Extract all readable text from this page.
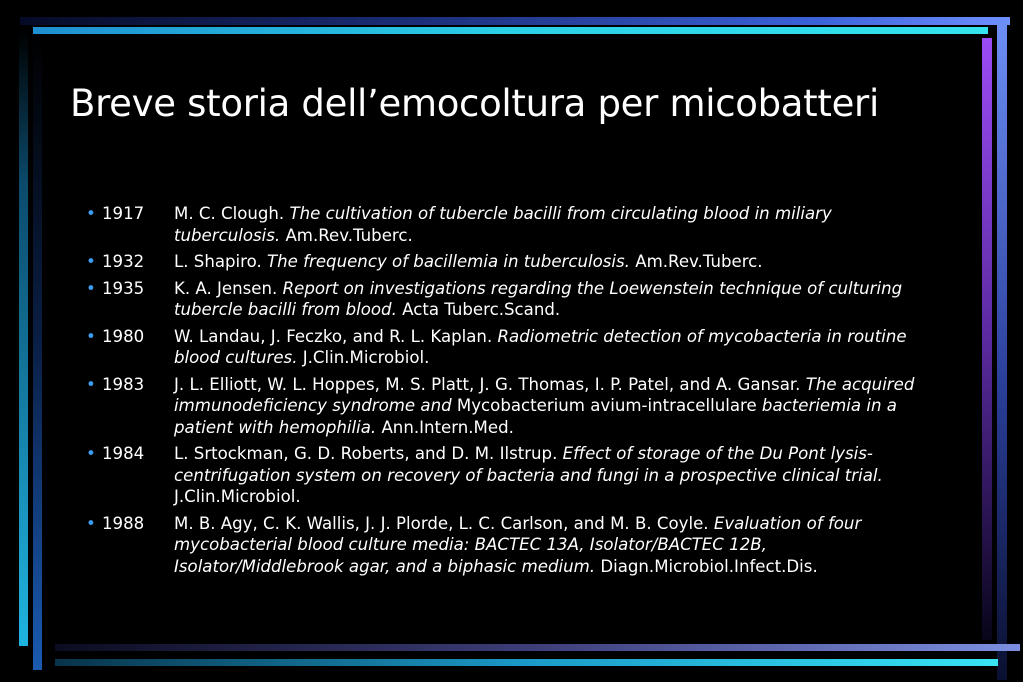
Breve storia dell’emocoltura per micobatteri
• 1917 M. C. Clough. The cultivation of tubercle bacilli from circulating blood in miliary tuberculosis. Am.Rev.Tuberc.
• 1932 L. Shapiro. The frequency of bacillemia in tuberculosis. Am.Rev.Tuberc.
• 1935 K. A. Jensen. Report on investigations regarding the Loewenstein technique of culturing tubercle bacilli from blood. Acta Tuberc.Scand.
• 1980 W. Landau, J. Feczko, and R. L. Kaplan. Radiometric detection of mycobacteria in routine blood cultures. J.Clin.Microbiol.
• 1983 J. L. Elliott, W. L. Hoppes, M. S. Platt, J. G. Thomas, I. P. Patel, and A. Gansar. The acquired immunodeficiency syndrome and Mycobacterium avium-intracellulare bacteriemia in a patient with hemophilia. Ann.Intern.Med.
• 1984 L. Srtockman, G. D. Roberts, and D. M. Ilstrup. Effect of storage of the Du Pont lysis-centrifugation system on recovery of bacteria and fungi in a prospective clinical trial. J.Clin.Microbiol.
• 1988 M. B. Agy, C. K. Wallis, J. J. Plorde, L. C. Carlson, and M. B. Coyle. Evaluation of four mycobacterial blood culture media: BACTEC 13A, Isolator/BACTEC 12B, Isolator/Middlebrook agar, and a biphasic medium. Diagn.Microbiol.Infect.Dis.
